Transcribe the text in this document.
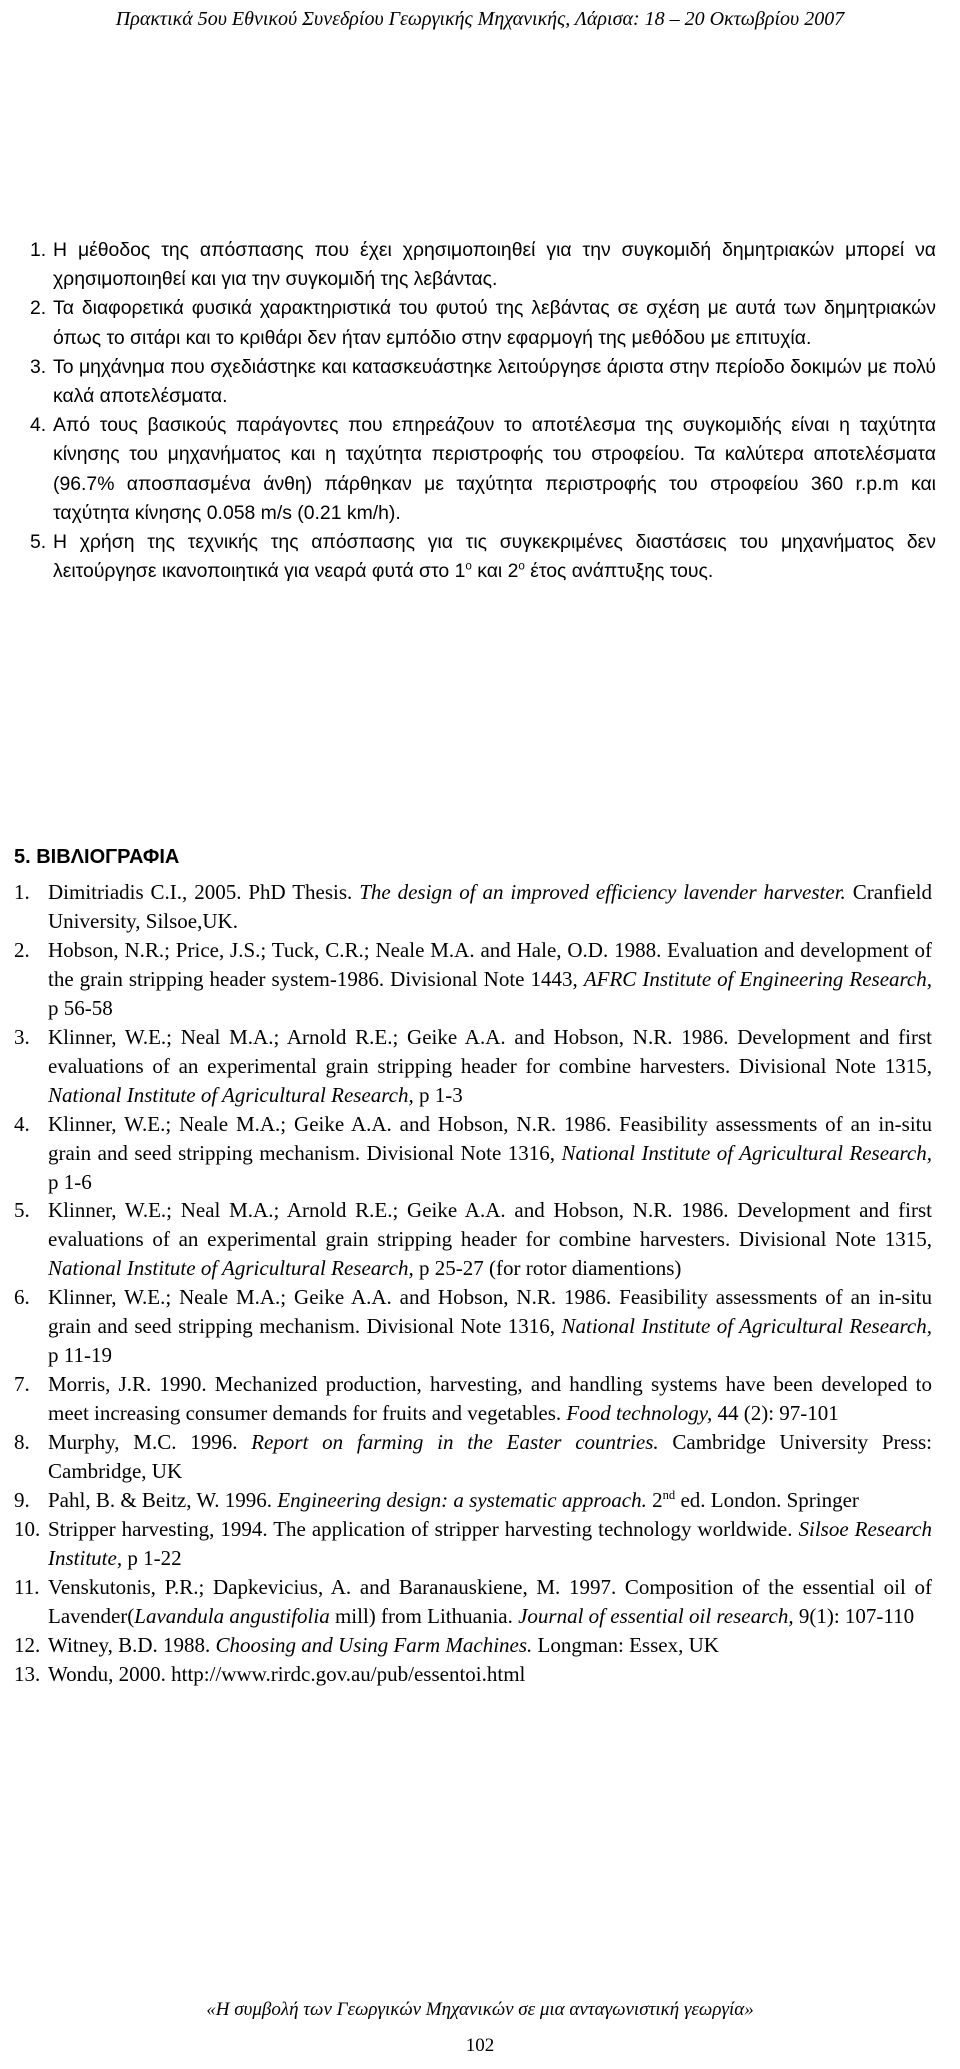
Πρακτικά 5ου Εθνικού Συνεδρίου Γεωργικής Μηχανικής, Λάρισα: 18 – 20 Οκτωβρίου 2007
1. Η μέθοδος της απόσπασης που έχει χρησιμοποιηθεί για την συγκομιδή δημητριακών μπορεί να χρησιμοποιηθεί και για την συγκομιδή της λεβάντας.
2. Τα διαφορετικά φυσικά χαρακτηριστικά του φυτού της λεβάντας σε σχέση με αυτά των δημητριακών όπως το σιτάρι και το κριθάρι δεν ήταν εμπόδιο στην εφαρμογή της μεθόδου με επιτυχία.
3. Το μηχάνημα που σχεδιάστηκε και κατασκευάστηκε λειτούργησε άριστα στην περίοδο δοκιμών με πολύ καλά αποτελέσματα.
4. Από τους βασικούς παράγοντες που επηρεάζουν το αποτέλεσμα της συγκομιδής είναι η ταχύτητα κίνησης του μηχανήματος και η ταχύτητα περιστροφής του στροφείου. Τα καλύτερα αποτελέσματα (96.7% αποσπασμένα άνθη) πάρθηκαν με ταχύτητα περιστροφής του στροφείου 360 r.p.m και ταχύτητα κίνησης 0.058 m/s (0.21 km/h).
5. Η χρήση της τεχνικής της απόσπασης για τις συγκεκριμένες διαστάσεις του μηχανήματος δεν λειτούργησε ικανοποιητικά για νεαρά φυτά στο $1^o$ και $2^o$ έτος ανάπτυξης τους.
5. ΒΙΒΛΙΟΓΡΑΦΙΑ
1. Dimitriadis C.I., 2005. PhD Thesis. The design of an improved efficiency lavender harvester. Cranfield University, Silsoe,UK.
2. Hobson, N.R.; Price, J.S.; Tuck, C.R.; Neale M.A. and Hale, O.D. 1988. Evaluation and development of the grain stripping header system-1986. Divisional Note 1443, AFRC Institute of Engineering Research, p 56-58
3. Klinner, W.E.; Neal M.A.; Arnold R.E.; Geike A.A. and Hobson, N.R. 1986. Development and first evaluations of an experimental grain stripping header for combine harvesters. Divisional Note 1315, National Institute of Agricultural Research, p 1-3
4. Klinner, W.E.; Neale M.A.; Geike A.A. and Hobson, N.R. 1986. Feasibility assessments of an in-situ grain and seed stripping mechanism. Divisional Note 1316, National Institute of Agricultural Research, p 1-6
5. Klinner, W.E.; Neal M.A.; Arnold R.E.; Geike A.A. and Hobson, N.R. 1986. Development and first evaluations of an experimental grain stripping header for combine harvesters. Divisional Note 1315, National Institute of Agricultural Research, p 25-27 (for rotor diamentions)
6. Klinner, W.E.; Neale M.A.; Geike A.A. and Hobson, N.R. 1986. Feasibility assessments of an in-situ grain and seed stripping mechanism. Divisional Note 1316, National Institute of Agricultural Research, p 11-19
7. Morris, J.R. 1990. Mechanized production, harvesting, and handling systems have been developed to meet increasing consumer demands for fruits and vegetables. Food technology, 44 (2): 97-101
8. Murphy, M.C. 1996. Report on farming in the Easter countries. Cambridge University Press: Cambridge, UK
9. Pahl, B. & Beitz, W. 1996. Engineering design: a systematic approach. 2nd ed. London. Springer
10. Stripper harvesting, 1994. The application of stripper harvesting technology worldwide. Silsoe Research Institute, p 1-22
11. Venskutonis, P.R.; Dapkevicius, A. and Baranauskiene, M. 1997. Composition of the essential oil of Lavender(Lavandula angustifolia mill) from Lithuania. Journal of essential oil research, 9(1): 107-110
12. Witney, B.D. 1988. Choosing and Using Farm Machines. Longman: Essex, UK
13. Wondu, 2000. http://www.rirdc.gov.au/pub/essentoi.html
«Η συμβολή των Γεωργικών Μηχανικών σε μια ανταγωνιστική γεωργία»
102
